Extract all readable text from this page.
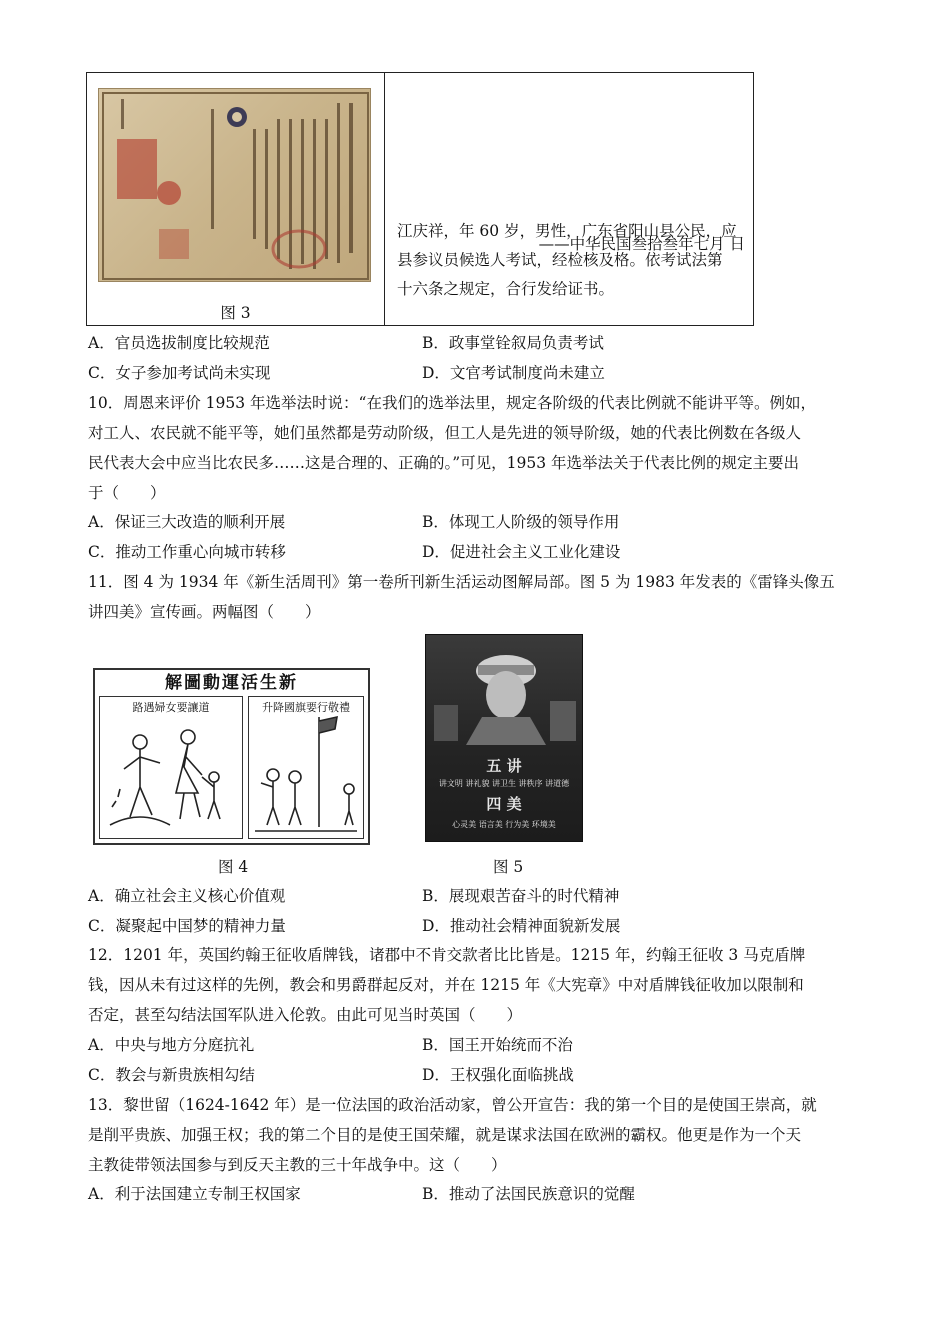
图 3
江庆祥，年 60 岁，男性，广东省阳山县公民，应
县参议员候选人考试，经检核及格。依考试法第
十六条之规定，合行发给证书。
——中华民国叁拾叁年七月 日
A．官员选拔制度比较规范	B．政事堂铨叙局负责考试
C．女子参加考试尚未实现	D．文官考试制度尚未建立
10．周恩来评价 1953 年选举法时说：“在我们的选举法里，规定各阶级的代表比例就不能讲平等。例如，
对工人、农民就不能平等，她们虽然都是劳动阶级，但工人是先进的领导阶级，她的代表比例数在各级人
民代表大会中应当比农民多……这是合理的、正确的。”可见，1953 年选举法关于代表比例的规定主要出
于（　　）
A．保证三大改造的顺利开展	B．体现工人阶级的领导作用
C．推动工作重心向城市转移	D．促进社会主义工业化建设
11．图 4 为 1934 年《新生活周刊》第一卷所刊新生活运动图解局部。图 5 为 1983 年发表的《雷锋头像五
讲四美》宣传画。两幅图（　　）
解圖動運活生新
路遇婦女要讓道	升降國旗要行敬禮
图 4
五 讲
讲文明 讲礼貌 讲卫生 讲秩序 讲道德
四 美
心灵美 语言美 行为美 环境美
图 5
A．确立社会主义核心价值观	B．展现艰苦奋斗的时代精神
C．凝聚起中国梦的精神力量	D．推动社会精神面貌新发展
12．1201 年，英国约翰王征收盾牌钱，诸郡中不肯交款者比比皆是。1215 年，约翰王征收 3 马克盾牌
钱，因从未有过这样的先例，教会和男爵群起反对，并在 1215 年《大宪章》中对盾牌钱征收加以限制和
否定，甚至勾结法国军队进入伦敦。由此可见当时英国（　　）
A．中央与地方分庭抗礼	B．国王开始统而不治
C．教会与新贵族相勾结	D．王权强化面临挑战
13．黎世留（1624-1642 年）是一位法国的政治活动家，曾公开宣告：我的第一个目的是使国王崇高，就
是削平贵族、加强王权；我的第二个目的是使王国荣耀，就是谋求法国在欧洲的霸权。他更是作为一个天
主教徒带领法国参与到反天主教的三十年战争中。这（　　）
A．利于法国建立专制王权国家	B．推动了法国民族意识的觉醒
